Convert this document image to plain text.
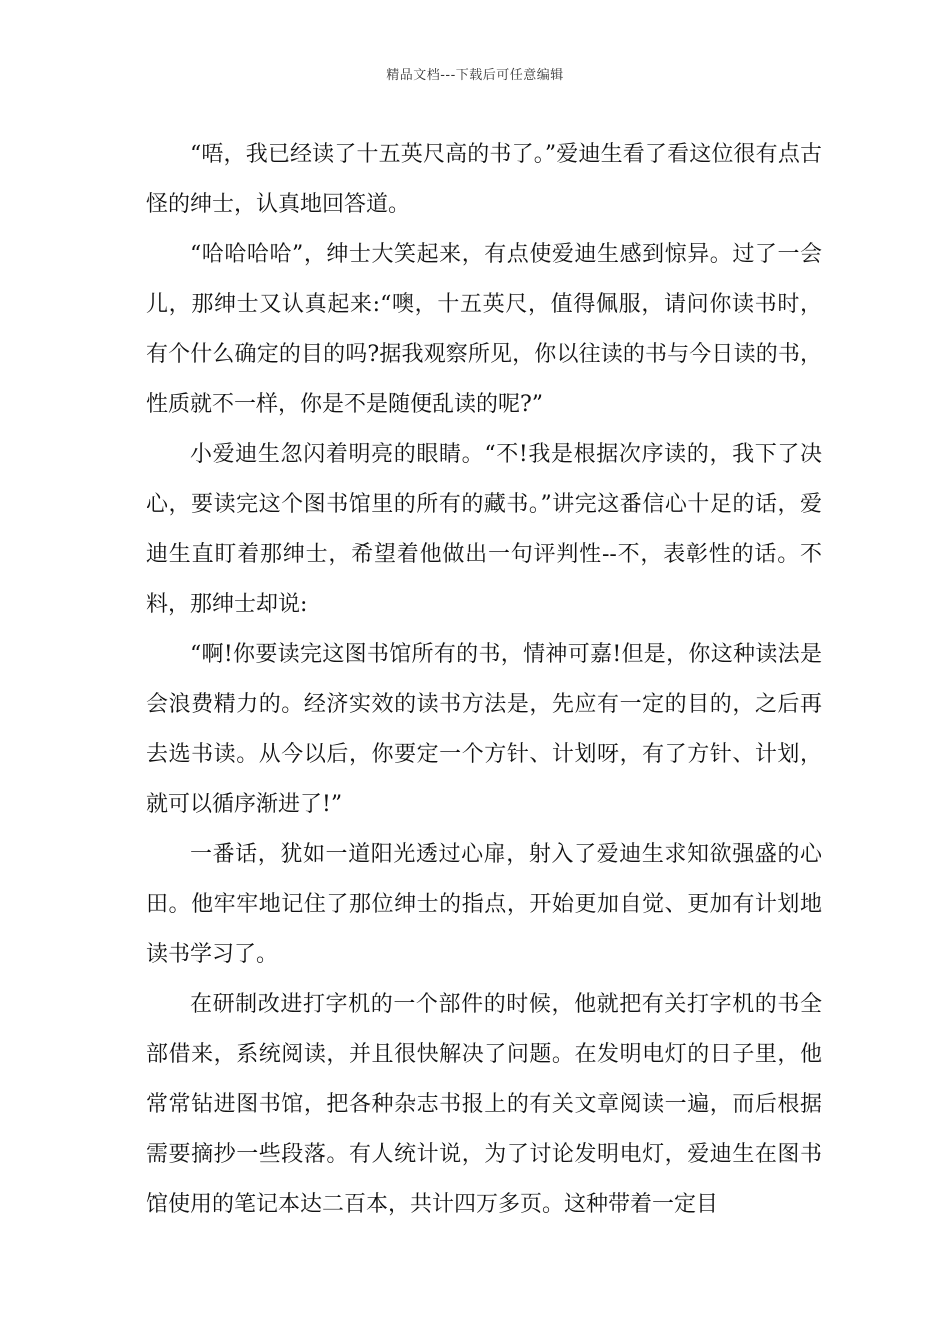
精品文档---下载后可任意编辑

“唔，我已经读了十五英尺高的书了。”爱迪生看了看这位很有点古怪的绅士，认真地回答道。

“哈哈哈哈”，绅士大笑起来，有点使爱迪生感到惊异。过了一会儿，那绅士又认真起来:“噢，十五英尺，值得佩服，请问你读书时，有个什么确定的目的吗?据我观察所见，你以往读的书与今日读的书，性质就不一样，你是不是随便乱读的呢?”

小爱迪生忽闪着明亮的眼睛。“不!我是根据次序读的，我下了决心，要读完这个图书馆里的所有的藏书。”讲完这番信心十足的话，爱迪生直盯着那绅士，希望着他做出一句评判性--不，表彰性的话。不料，那绅士却说:

“啊!你要读完这图书馆所有的书，情神可嘉!但是，你这种读法是会浪费精力的。经济实效的读书方法是，先应有一定的目的，之后再去选书读。从今以后，你要定一个方针、计划呀，有了方针、计划，就可以循序渐进了!”

一番话，犹如一道阳光透过心扉，射入了爱迪生求知欲强盛的心田。他牢牢地记住了那位绅士的指点，开始更加自觉、更加有计划地读书学习了。

在研制改进打字机的一个部件的时候，他就把有关打字机的书全部借来，系统阅读，并且很快解决了问题。在发明电灯的日子里，他常常钻进图书馆，把各种杂志书报上的有关文章阅读一遍，而后根据需要摘抄一些段落。有人统计说，为了讨论发明电灯，爱迪生在图书馆使用的笔记本达二百本，共计四万多页。这种带着一定目
